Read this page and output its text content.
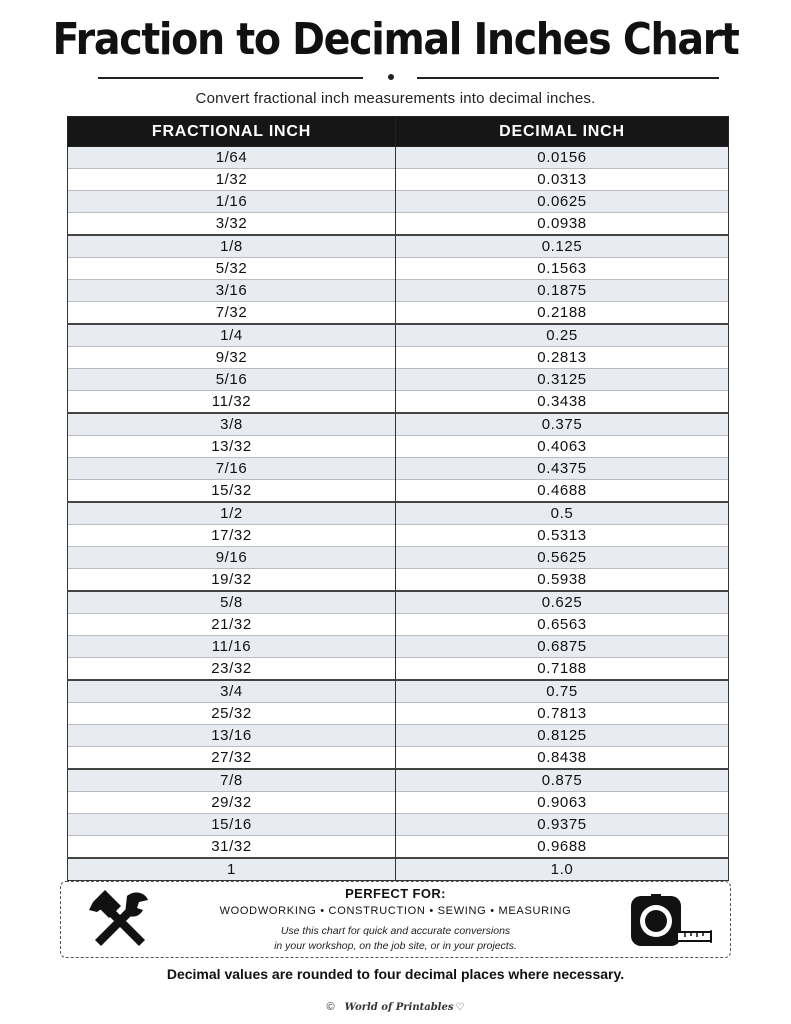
Fraction to Decimal Inches Chart
Convert fractional inch measurements into decimal inches.
FRACTIONAL INCH	DECIMAL INCH
1/64	0.0156
1/32	0.0313
1/16	0.0625
3/32	0.0938
1/8	0.125
5/32	0.1563
3/16	0.1875
7/32	0.2188
1/4	0.25
9/32	0.2813
5/16	0.3125
11/32	0.3438
3/8	0.375
13/32	0.4063
7/16	0.4375
15/32	0.4688
1/2	0.5
17/32	0.5313
9/16	0.5625
19/32	0.5938
5/8	0.625
21/32	0.6563
11/16	0.6875
23/32	0.7188
3/4	0.75
25/32	0.7813
13/16	0.8125
27/32	0.8438
7/8	0.875
29/32	0.9063
15/16	0.9375
31/32	0.9688
1	1.0
PERFECT FOR:
WOODWORKING • CONSTRUCTION • SEWING • MEASURING
Use this chart for quick and accurate conversions
in your workshop, on the job site, or in your projects.
Decimal values are rounded to four decimal places where necessary.
© World of Printables ♡
